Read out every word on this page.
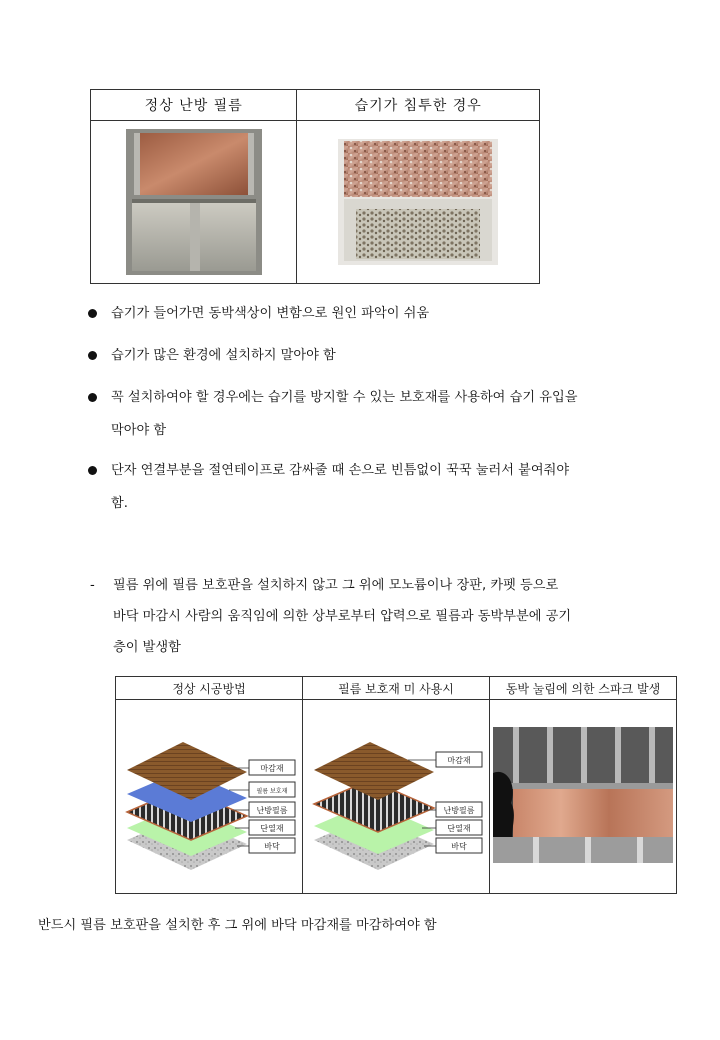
정상 난방 필름	습기가 침투한 경우

습기가 들어가면 동박색상이 변함으로 원인 파악이 쉬움
습기가 많은 환경에 설치하지 말아야 함
꼭 설치하여야 할 경우에는 습기를 방지할 수 있는 보호재를 사용하여 습기 유입을
막아야 함
단자 연결부분을 절연테이프로 감싸줄 때 손으로 빈틈없이 꾹꾹 눌러서 붙여줘야
함.
- 필름 위에 필름 보호판을 설치하지 않고 그 위에 모노륨이나 장판, 카펫 등으로
바닥 마감시 사람의 움직임에 의한 상부로부터 압력으로 필름과 동박부분에 공기
층이 발생함
정상 시공방법	필름 보호재 미 사용시	동박 눌림에 의한 스파크 발생

마감재
필름 보호재
난방필름
단열재
바닥	마감재
난방필름
단열재
바닥

반드시 필름 보호판을 설치한 후 그 위에 바닥 마감재를 마감하여야 함
